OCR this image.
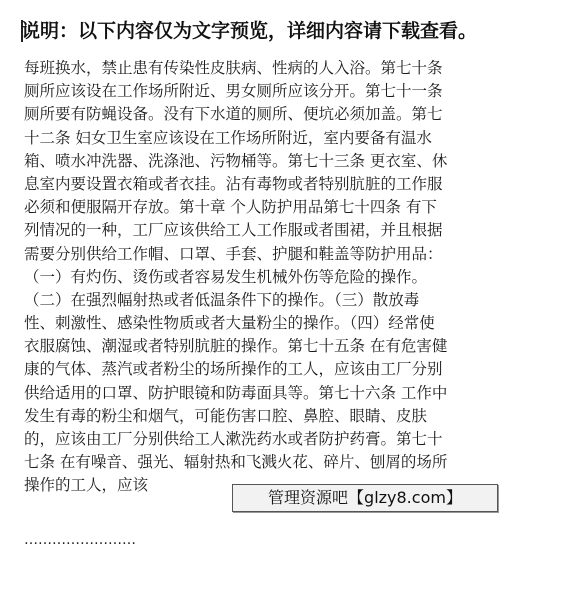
说明：以下内容仅为文字预览，详细内容请下载查看。
每班换水，禁止患有传染性皮肤病、性病的人入浴。第七十条
厕所应该设在工作场所附近、男女厕所应该分开。第七十一条
厕所要有防蝇设备。没有下水道的厕所、便坑必须加盖。第七
十二条 妇女卫生室应该设在工作场所附近，室内要备有温水
箱、喷水冲洗器、洗涤池、污物桶等。第七十三条 更衣室、休
息室内要设置衣箱或者衣挂。沾有毒物或者特别肮脏的工作服
必须和便服隔开存放。第十章 个人防护用品第七十四条 有下
列情况的一种，工厂应该供给工人工作服或者围裙，并且根据
需要分别供给工作帽、口罩、手套、护腿和鞋盖等防护用品：
（一）有灼伤、烫伤或者容易发生机械外伤等危险的操作。
（二）在强烈幅射热或者低温条件下的操作。（三）散放毒
性、刺激性、感染性物质或者大量粉尘的操作。（四）经常使
衣服腐蚀、潮湿或者特别肮脏的操作。第七十五条 在有危害健
康的气体、蒸汽或者粉尘的场所操作的工人，应该由工厂分别
供给适用的口罩、防护眼镜和防毒面具等。第七十六条 工作中
发生有毒的粉尘和烟气，可能伤害口腔、鼻腔、眼睛、皮肤
的，应该由工厂分别供给工人漱洗药水或者防护药膏。第七十
七条 在有噪音、强光、辐射热和飞溅火花、碎片、刨屑的场所
操作的工人，应该
……………………
管理资源吧【glzy8.com】
